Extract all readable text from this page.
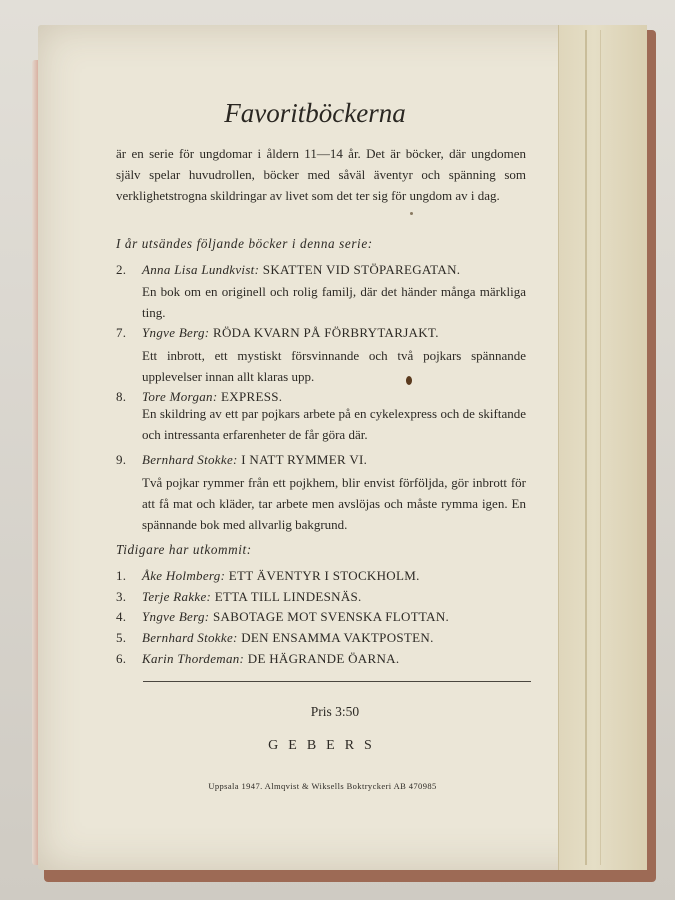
Favoritböckerna
är en serie för ungdomar i åldern 11—14 år. Det är böcker, där ungdomen själv spelar huvudrollen, böcker med såväl äventyr och spänning som verklighetstrogna skildringar av livet som det ter sig för ungdom av i dag.
I år utsändes följande böcker i denna serie:
2. Anna Lisa Lundkvist: SKATTEN VID STÖPAREGATAN.
En bok om en originell och rolig familj, där det händer många märkliga ting.
7. Yngve Berg: RÖDA KVARN PÅ FÖRBRYTARJAKT.
Ett inbrott, ett mystiskt försvinnande och två pojkars spännande upplevelser innan allt klaras upp.
8. Tore Morgan: EXPRESS.
En skildring av ett par pojkars arbete på en cykelexpress och de skiftande och intressanta erfarenheter de får göra där.
9. Bernhard Stokke: I NATT RYMMER VI.
Två pojkar rymmer från ett pojkhem, blir envist förföljda, gör inbrott för att få mat och kläder, tar arbete men avslöjas och måste rymma igen. En spännande bok med allvarlig bakgrund.
Tidigare har utkommit:
1. Åke Holmberg: ETT ÄVENTYR I STOCKHOLM.
3. Terje Rakke: ETTA TILL LINDESNÄS.
4. Yngve Berg: SABOTAGE MOT SVENSKA FLOTTAN.
5. Bernhard Stokke: DEN ENSAMMA VAKTPOSTEN.
6. Karin Thordeman: DE HÄGRANDE ÖARNA.
Pris 3:50
GEBERS
Uppsala 1947. Almqvist & Wiksells Boktryckeri AB 470985
